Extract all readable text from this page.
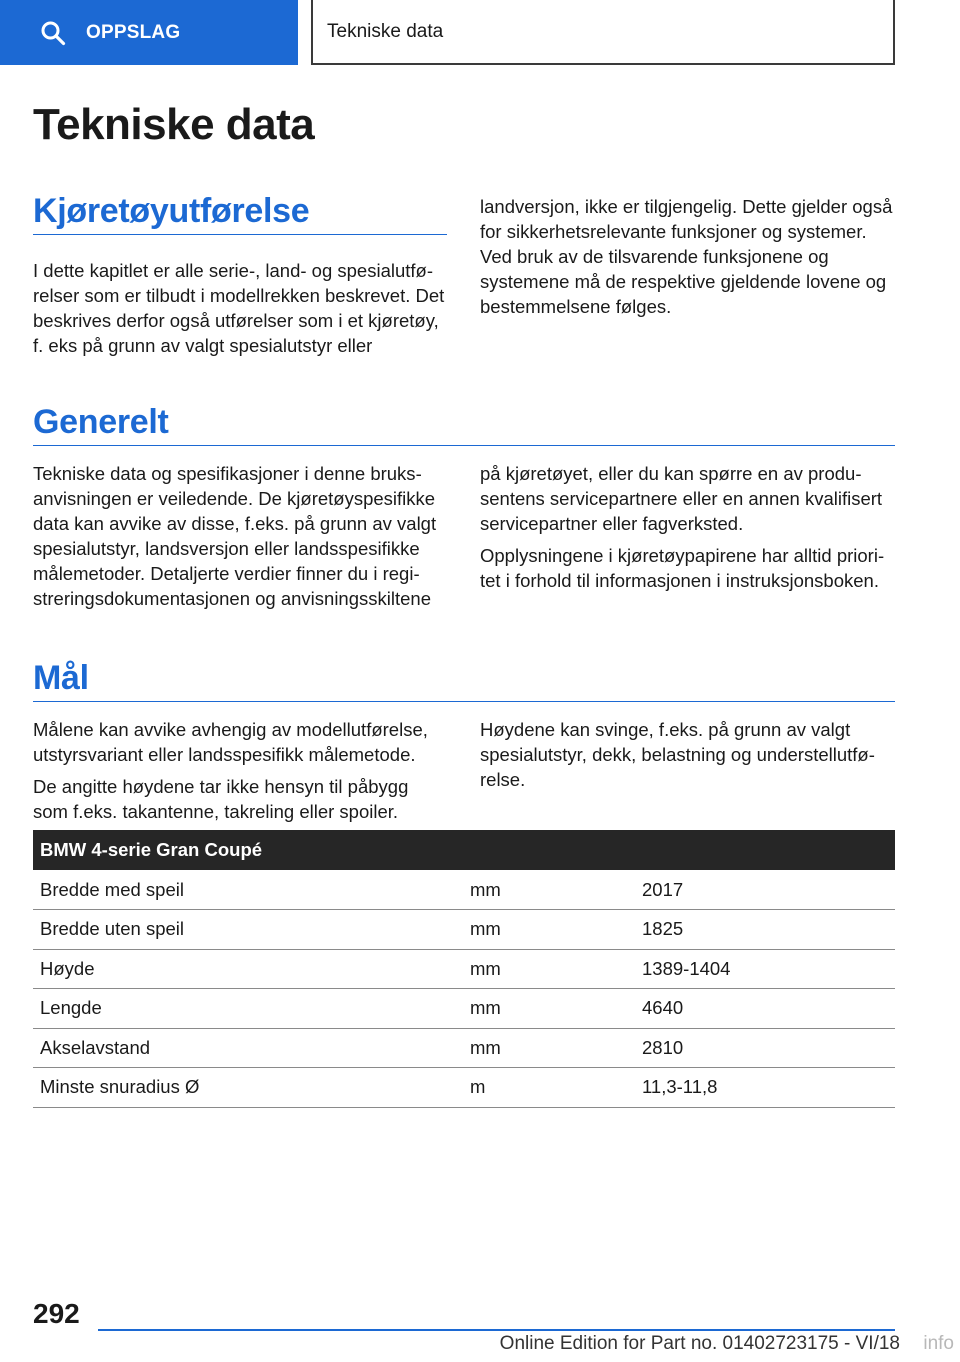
OPPSLAG	Tekniske data
Tekniske data
Kjøretøyutførelse
I dette kapitlet er alle serie-, land- og spesialutførelser som er tilbudt i modellrekken beskrevet. Det beskrives derfor også utførelser som i et kjøretøy, f. eks på grunn av valgt spesialutstyr eller
landversjon, ikke er tilgjengelig. Dette gjelder også for sikkerhetsrelevante funksjoner og systemer. Ved bruk av de tilsvarende funksjonene og systemene må de respektive gjeldende lovene og bestemmelsene følges.
Generelt
Tekniske data og spesifikasjoner i denne bruksanvisningen er veiledende. De kjøretøyspesifikke data kan avvike av disse, f.eks. på grunn av valgt spesialutstyr, landsversjon eller landsspesifikke målemetoder. Detaljerte verdier finner du i registreringsdokumentasjonen og anvisningsskiltene

på kjøretøyet, eller du kan spørre en av produsentens servicepartnere eller en annen kvalifisert servicepartner eller fagverksted.

Opplysningene i kjøretøypapirene har alltid prioritet i forhold til informasjonen i instruksjonsboken.

Mål

Målene kan avvike avhengig av modellutførelse, utstyrsvariant eller landsspesifikk målemetode.

De angitte høydene tar ikke hensyn til påbygg som f.eks. takantenne, takreling eller spoiler.

Høydene kan svinge, f.eks. på grunn av valgt spesialutstyr, dekk, belastning og understellutførelse.
BMW 4-serie Gran Coupé		
Bredde med speil	mm	2017
Bredde uten speil	mm	1825
Høyde	mm	1389-1404
Lengde	mm	4640
Akselavstand	mm	2810
Minste snuradius Ø	m	11,3-11,8
292
Online Edition for Part no. 01402723175 - VI/18	info
